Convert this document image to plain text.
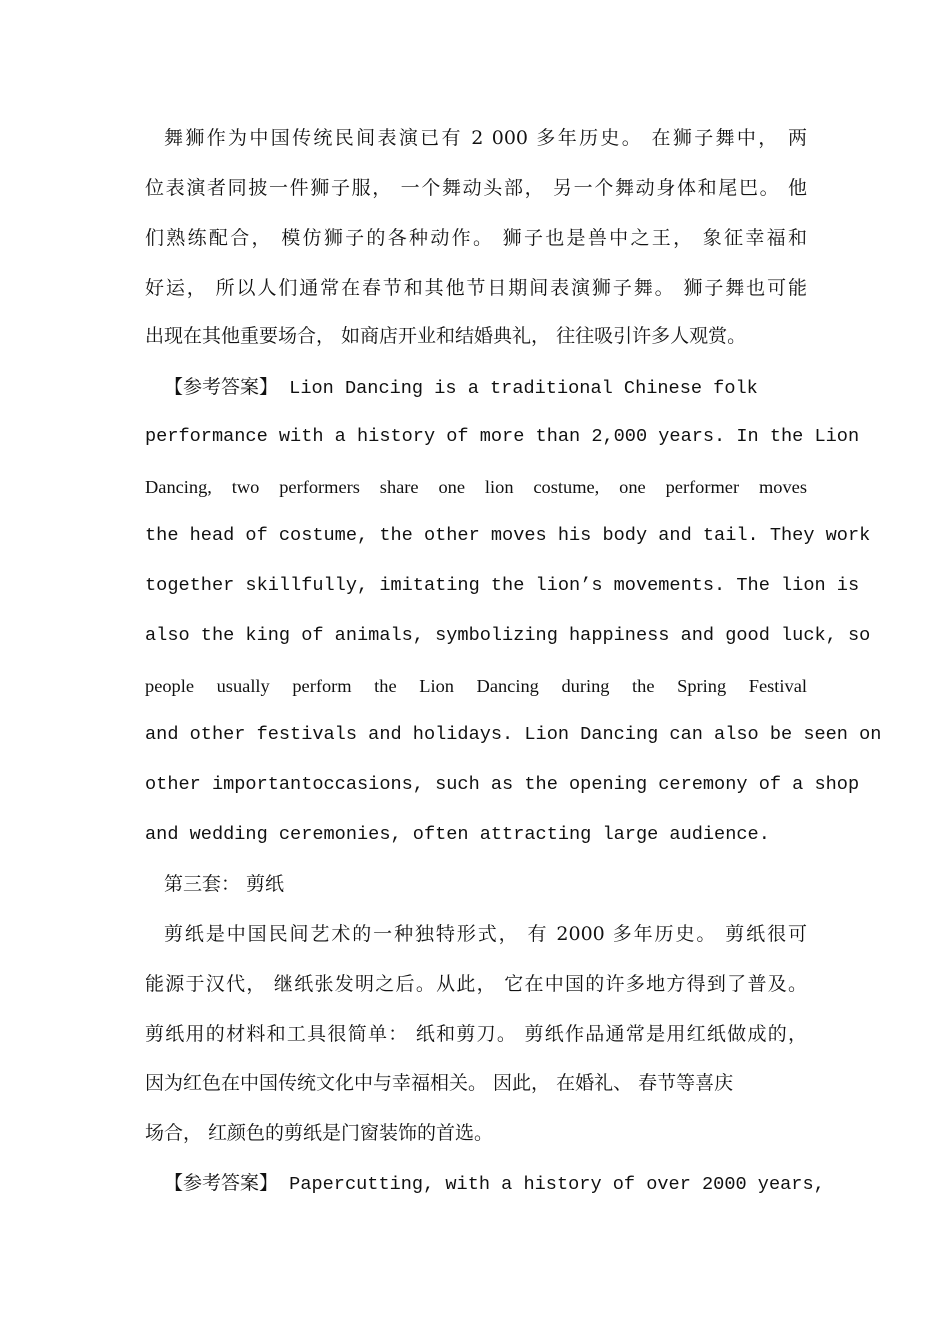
舞狮作为中国传统民间表演已有 2 000 多年历史。 在狮子舞中， 两
位表演者同披一件狮子服， 一个舞动头部， 另一个舞动身体和尾巴。 他
们熟练配合， 模仿狮子的各种动作。 狮子也是兽中之王， 象征幸福和
好运， 所以人们通常在春节和其他节日期间表演狮子舞。 狮子舞也可能
出现在其他重要场合， 如商店开业和结婚典礼， 往往吸引许多人观赏。
【参考答案】 Lion Dancing is a traditional Chinese folk
performance with a history of more than 2,000 years. In the Lion
Dancing, two performers share one lion costume, one performer moves
the head of costume, the other moves his body and tail. They work
together skillfully, imitating the lion’s movements. The lion is
also the king of animals, symbolizing happiness and good luck, so
people usually perform the Lion Dancing during the Spring Festival
and other festivals and holidays. Lion Dancing can also be seen on
other importantoccasions, such as the opening ceremony of a shop
and wedding ceremonies, often attracting large audience.
第三套： 剪纸
剪纸是中国民间艺术的一种独特形式， 有 2000 多年历史。 剪纸很可
能源于汉代， 继纸张发明之后。从此， 它在中国的许多地方得到了普及。
剪纸用的材料和工具很简单： 纸和剪刀。 剪纸作品通常是用红纸做成的，
因为红色在中国传统文化中与幸福相关。 因此， 在婚礼、 春节等喜庆
场合， 红颜色的剪纸是门窗装饰的首选。
【参考答案】 Papercutting, with a history of over 2000 years,
